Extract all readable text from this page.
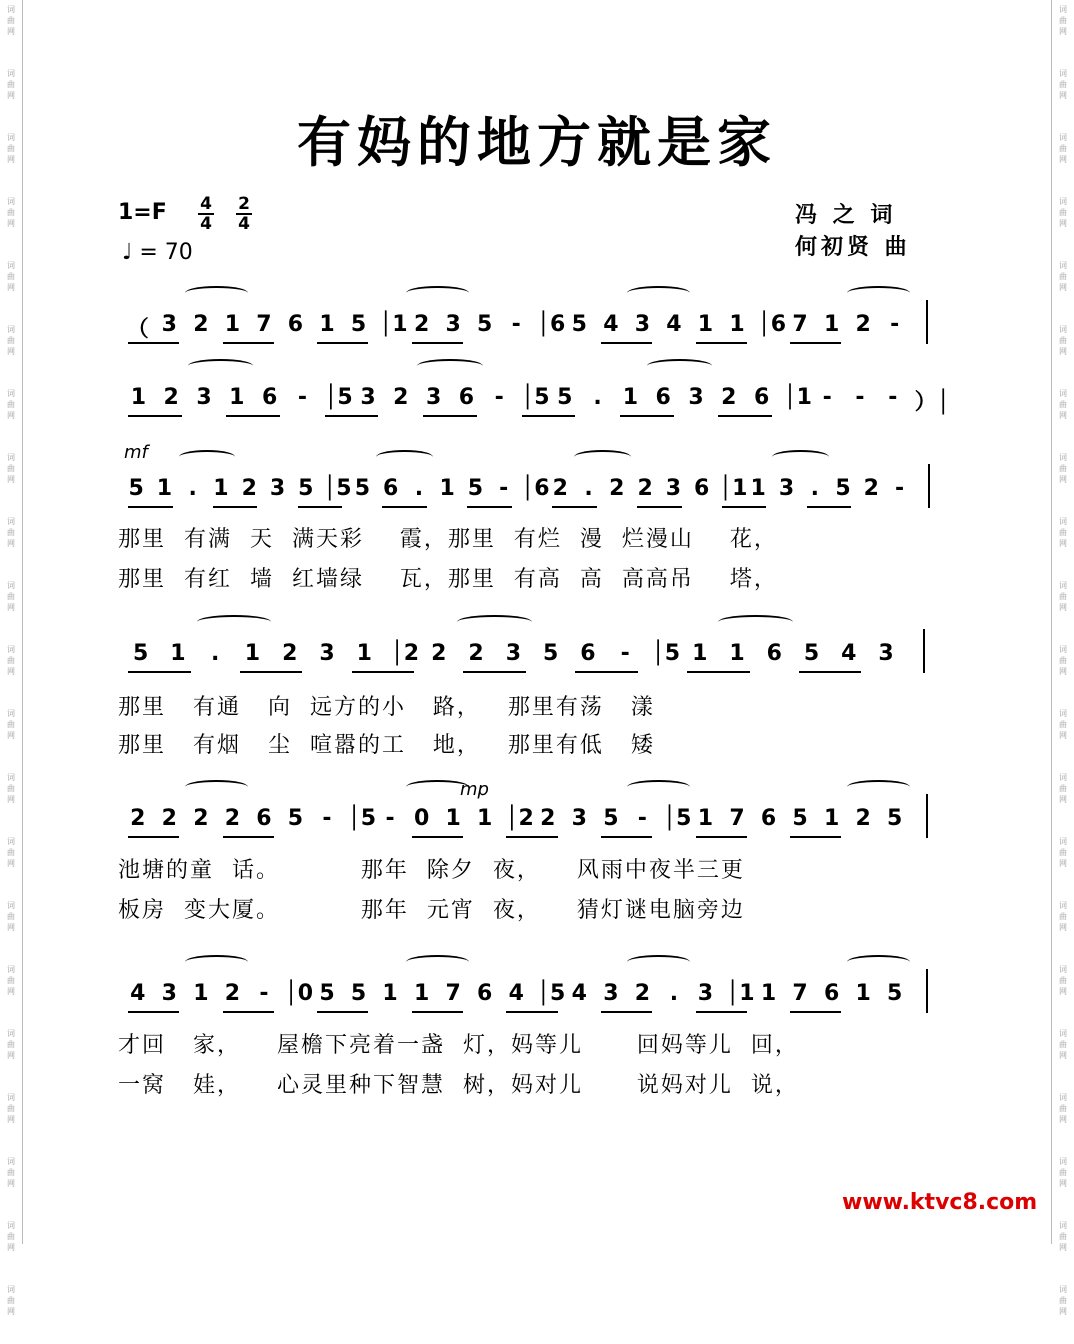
词
曲
网
词
曲
网
词
曲
网
词
曲
网
词
曲
网
词
曲
网
词
曲
网
词
曲
网
词
曲
网
词
曲
网
词
曲
网
词
曲
网
词
曲
网
词
曲
网
词
曲
网
词
曲
网
词
曲
网
词
曲
网
词
曲
网
词
曲
网
词
曲
网
词
曲
网
词
曲
网
词
曲
网
词
曲
网
词
曲
网
词
曲
网
词
曲
网
词
曲
网
词
曲
网
词
曲
网
词
曲
网
词
曲
网
词
曲
网
词
曲
网
词
曲
网
词
曲
网
词
曲
网
词
曲
网
词
曲
网
词
曲
网
词
曲
网
有妈的地方就是家
$1=F \frac{4}{4} \frac{2}{4}$
♩ = 70
冯 之 词
何初贤 曲
（ 3 2 1 7 6 1 5 │1 2 3 5 - │6 5 4 3 4 1 1 │6 7 1 2 -
1 2 3 1 6 - │5 3 2 3 6 - │5 5 . 1 6 3 2 6 │1 - - - ）│
5 1 . 1 2 3 5 │5 5 6 . 1 5 - │6 2 . 2 2 3 6 │1 1 3 . 5 2 -
5 1	.	1 2 3 1 │2 2 2 3 5 6 - │5 1 1 6 5 4 3
2 2 2 2 6 5 - │5 - 0 1 1 │2 2 3 5 - │5 1 7 6 5 1 2 5
4 3 1 2 - │0 5 5 1 1 7 6 4 │5 4 3 2 . 3 │1 1 7 6 1 5
mf
mp
那里  有满  天  满天彩    霞，那里  有烂  漫  烂漫山    花，
那里  有红  墙  红墙绿    瓦，那里  有高  高  高高吊    塔，
那里   有通   向  远方的小   路，   那里有荡   漾
那里   有烟   尘  喧嚣的工   地，   那里有低   矮
池塘的童  话。         那年  除夕  夜，    风雨中夜半三更
板房  变大厦。         那年  元宵  夜，    猜灯谜电脑旁边
才回   家，    屋檐下亮着一盏  灯，妈等儿      回妈等儿  回，
一窝   娃，    心灵里种下智慧  树，妈对儿      说妈对儿  说，
www.ktvc8.com
